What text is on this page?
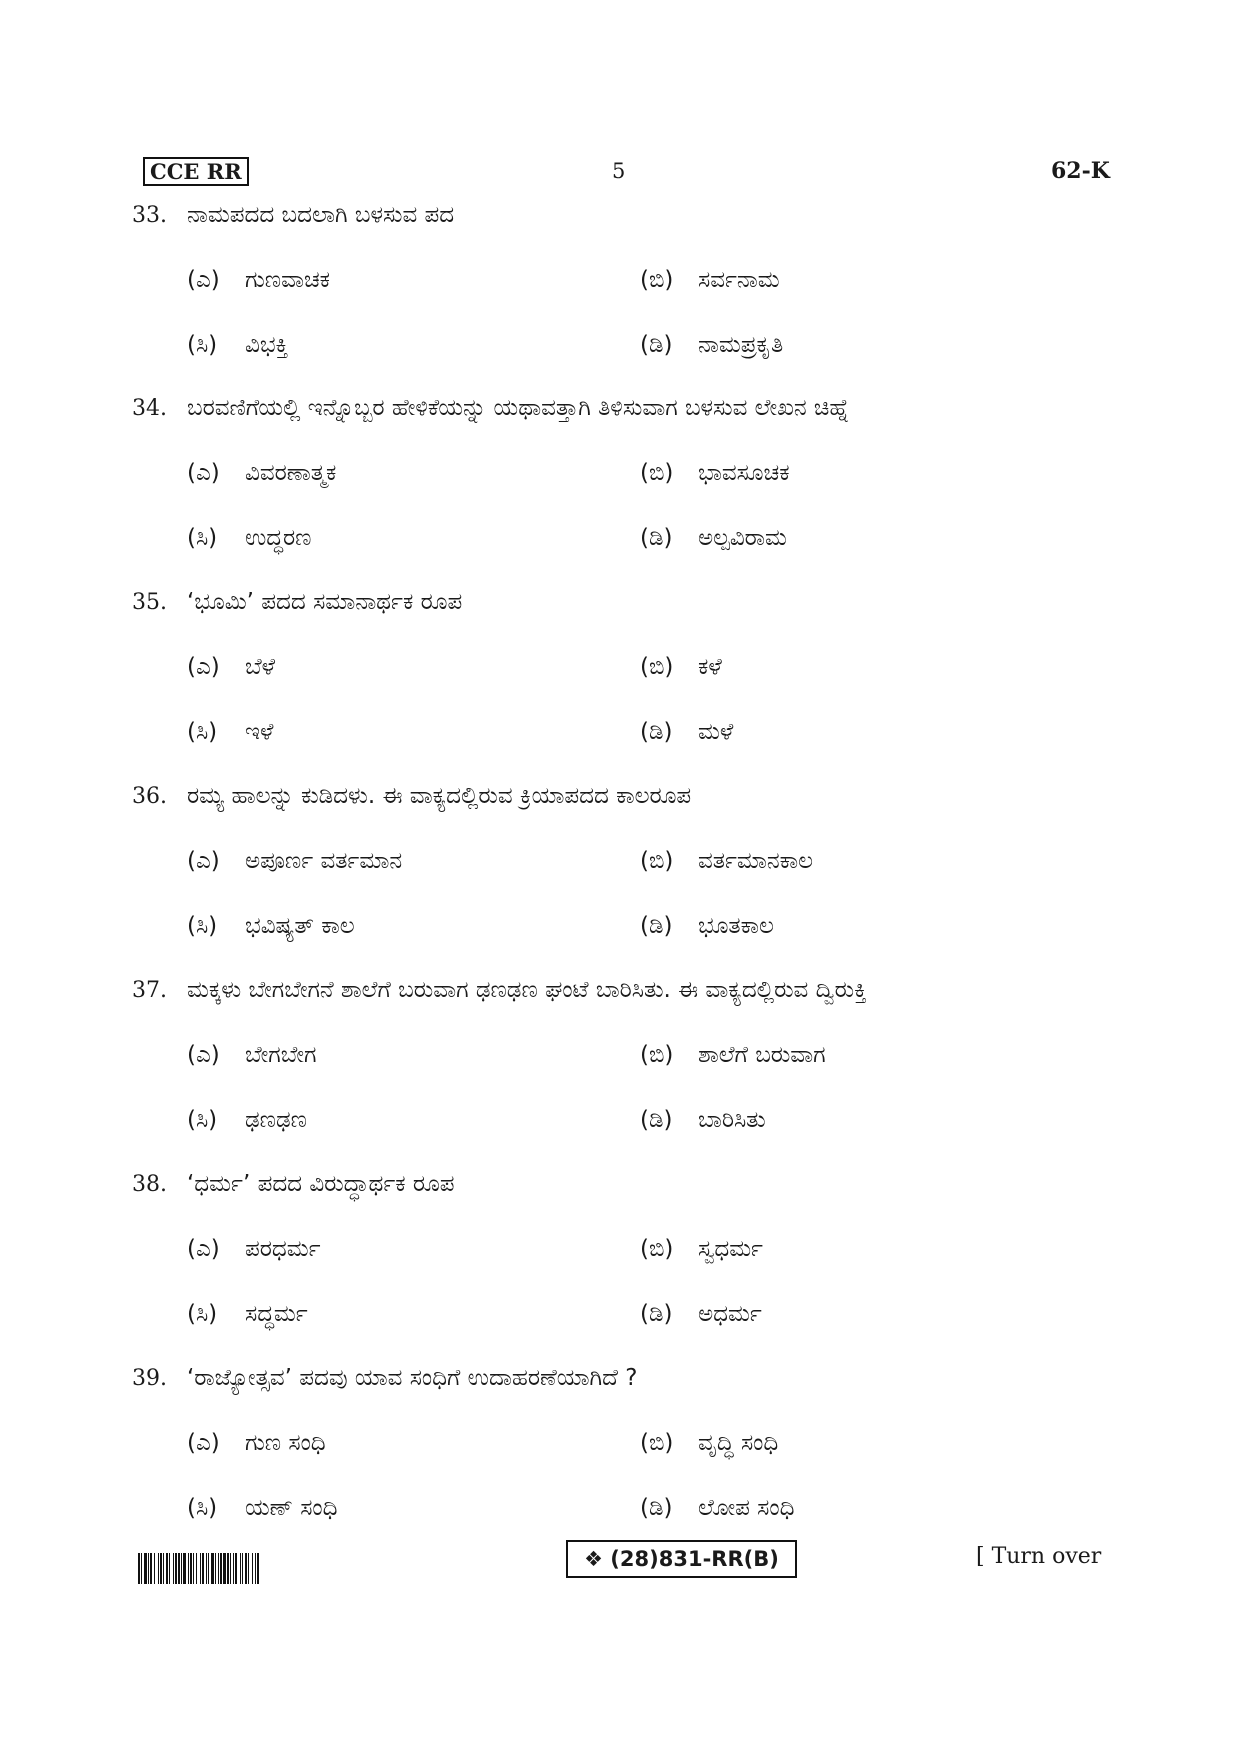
CCE RR	5	62-K
33. ನಾಮಪದದ ಬದಲಾಗಿ ಬಳಸುವ ಪದ
(ಎ) ಗುಣವಾಚಕ	(ಬಿ) ಸರ್ವನಾಮ
(ಸಿ) ವಿಭಕ್ತಿ	(ಡಿ) ನಾಮಪ್ರಕೃತಿ
34. ಬರವಣಿಗೆಯಲ್ಲಿ ಇನ್ನೊಬ್ಬರ ಹೇಳಿಕೆಯನ್ನು ಯಥಾವತ್ತಾಗಿ ತಿಳಿಸುವಾಗ ಬಳಸುವ ಲೇಖನ ಚಿಹ್ನೆ
(ಎ) ವಿವರಣಾತ್ಮಕ	(ಬಿ) ಭಾವಸೂಚಕ
(ಸಿ) ಉದ್ಧರಣ	(ಡಿ) ಅಲ್ಪವಿರಾಮ
35. ‘ಭೂಮಿ’ ಪದದ ಸಮಾನಾರ್ಥಕ ರೂಪ
(ಎ) ಬೆಳೆ	(ಬಿ) ಕಳೆ
(ಸಿ) ಇಳೆ	(ಡಿ) ಮಳೆ
36. ರಮ್ಯ ಹಾಲನ್ನು ಕುಡಿದಳು. ಈ ವಾಕ್ಯದಲ್ಲಿರುವ ಕ್ರಿಯಾಪದದ ಕಾಲರೂಪ
(ಎ) ಅಪೂರ್ಣ ವರ್ತಮಾನ	(ಬಿ) ವರ್ತಮಾನಕಾಲ
(ಸಿ) ಭವಿಷ್ಯತ್ ಕಾಲ	(ಡಿ) ಭೂತಕಾಲ
37. ಮಕ್ಕಳು ಬೇಗಬೇಗನೆ ಶಾಲೆಗೆ ಬರುವಾಗ ಢಣಢಣ ಘಂಟೆ ಬಾರಿಸಿತು. ಈ ವಾಕ್ಯದಲ್ಲಿರುವ ದ್ವಿರುಕ್ತಿ
(ಎ) ಬೇಗಬೇಗ	(ಬಿ) ಶಾಲೆಗೆ ಬರುವಾಗ
(ಸಿ) ಢಣಢಣ	(ಡಿ) ಬಾರಿಸಿತು
38. ‘ಧರ್ಮ’ ಪದದ ವಿರುದ್ಧಾರ್ಥಕ ರೂಪ
(ಎ) ಪರಧರ್ಮ	(ಬಿ) ಸ್ವಧರ್ಮ
(ಸಿ) ಸದ್ಧರ್ಮ	(ಡಿ) ಅಧರ್ಮ
39. ‘ರಾಜ್ಯೋತ್ಸವ’ ಪದವು ಯಾವ ಸಂಧಿಗೆ ಉದಾಹರಣೆಯಾಗಿದೆ ?
(ಎ) ಗುಣ ಸಂಧಿ	(ಬಿ) ವೃದ್ಧಿ ಸಂಧಿ
(ಸಿ) ಯಣ್ ಸಂಧಿ	(ಡಿ) ಲೋಪ ಸಂಧಿ
❖ (28)831-RR(B)	[ Turn over
